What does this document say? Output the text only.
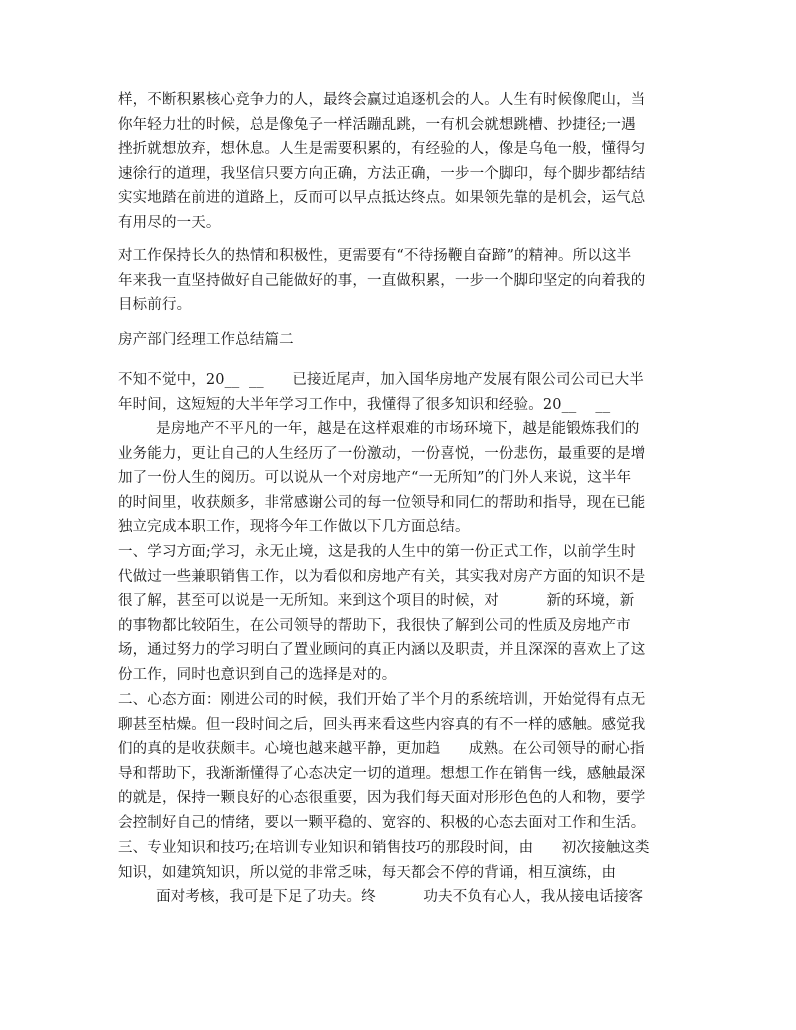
样，不断积累核心竞争力的人，最终会赢过追逐机会的人。人生有时候像爬山，当
你年轻力壮的时候，总是像兔子一样活蹦乱跳，一有机会就想跳槽、抄捷径;一遇
挫折就想放弃，想休息。人生是需要积累的，有经验的人，像是乌龟一般，懂得匀
速徐行的道理，我坚信只要方向正确，方法正确，一步一个脚印，每个脚步都结结
实实地踏在前进的道路上，反而可以早点抵达终点。如果领先靠的是机会，运气总
有用尽的一天。

对工作保持长久的热情和积极性，更需要有“不待扬鞭自奋蹄”的精神。所以这半
年来我一直坚持做好自己能做好的事，一直做积累，一步一个脚印坚定的向着我的
目标前行。

房产部门经理工作总结篇二

不知不觉中，20__  __      已接近尾声，加入国华房地产发展有限公司公司已大半
年时间，这短短的大半年学习工作中，我懂得了很多知识和经验。20__    __
是房地产不平凡的一年，越是在这样艰难的市场环境下，越是能锻炼我们的
业务能力，更让自己的人生经历了一份激动，一份喜悦，一份悲伤，最重要的是增
加了一份人生的阅历。可以说从一个对房地产“一无所知”的门外人来说，这半年
的时间里，收获颇多，非常感谢公司的每一位领导和同仁的帮助和指导，现在已能
独立完成本职工作，现将今年工作做以下几方面总结。

一、学习方面;学习，永无止境，这是我的人生中的第一份正式工作，以前学生时
代做过一些兼职销售工作，以为看似和房地产有关，其实我对房产方面的知识不是
很了解，甚至可以说是一无所知。来到这个项目的时候，对          新的环境，新
的事物都比较陌生，在公司领导的帮助下，我很快了解到公司的性质及房地产市
场，通过努力的学习明白了置业顾问的真正内涵以及职责，并且深深的喜欢上了这
份工作，同时也意识到自己的选择是对的。

二、心态方面：刚进公司的时候，我们开始了半个月的系统培训，开始觉得有点无
聊甚至枯燥。但一段时间之后，回头再来看这些内容真的有不一样的感触。感觉我
们的真的是收获颇丰。心境也越来越平静，更加趋      成熟。在公司领导的耐心指
导和帮助下，我渐渐懂得了心态决定一切的道理。想想工作在销售一线，感触最深
的就是，保持一颗良好的心态很重要，因为我们每天面对形形色色的人和物，要学
会控制好自己的情绪，要以一颗平稳的、宽容的、积极的心态去面对工作和生活。

三、专业知识和技巧;在培训专业知识和销售技巧的那段时间，由      初次接触这类
知识，如建筑知识，所以觉的非常乏味，每天都会不停的背诵，相互演练，由
面对考核，我可是下足了功夫。终          功夫不负有心人，我从接电话接客
